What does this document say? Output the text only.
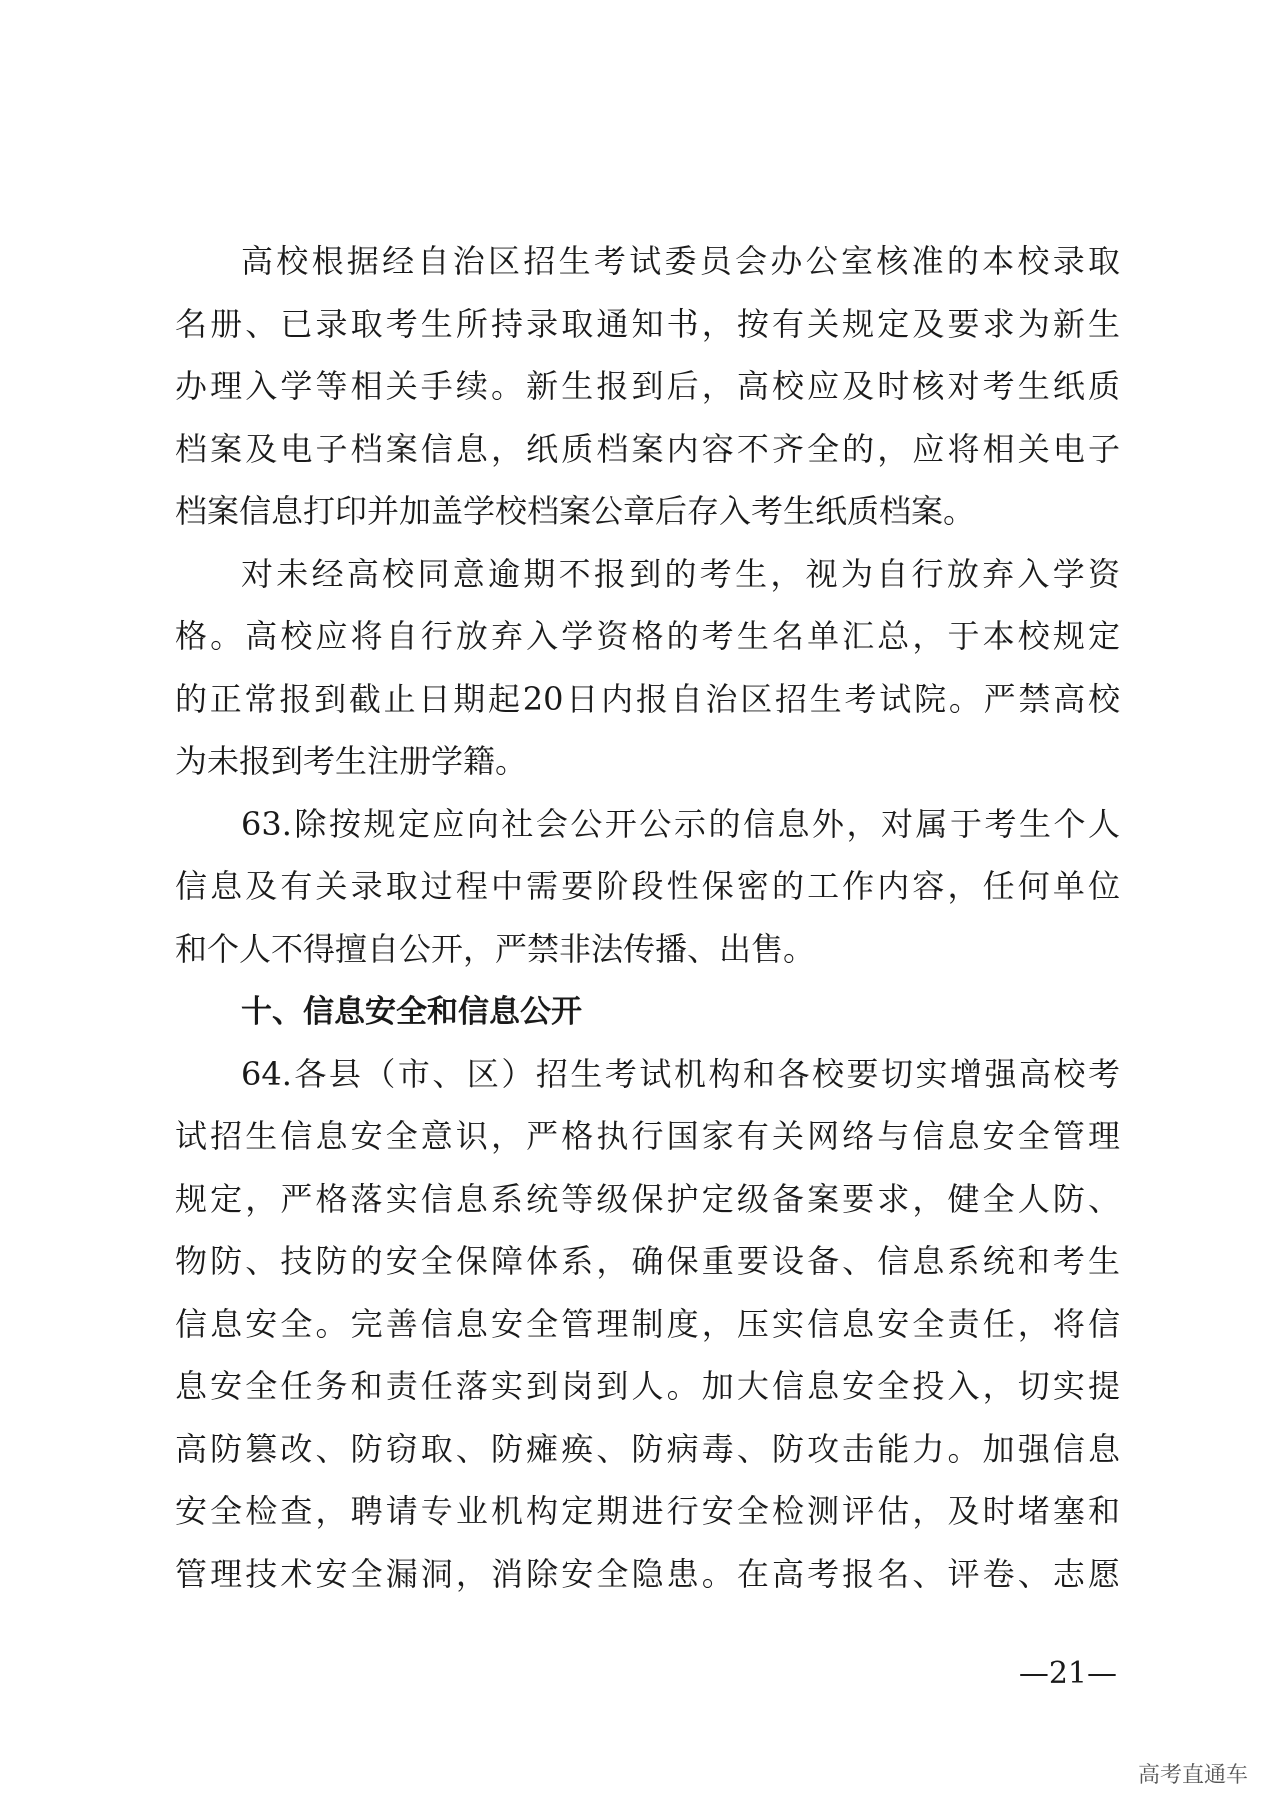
高校根据经自治区招生考试委员会办公室核准的本校录取
名册、已录取考生所持录取通知书，按有关规定及要求为新生
办理入学等相关手续。新生报到后，高校应及时核对考生纸质
档案及电子档案信息，纸质档案内容不齐全的，应将相关电子
档案信息打印并加盖学校档案公章后存入考生纸质档案。
对未经高校同意逾期不报到的考生，视为自行放弃入学资
格。高校应将自行放弃入学资格的考生名单汇总，于本校规定
的正常报到截止日期起20日内报自治区招生考试院。严禁高校
为未报到考生注册学籍。
63.除按规定应向社会公开公示的信息外，对属于考生个人
信息及有关录取过程中需要阶段性保密的工作内容，任何单位
和个人不得擅自公开，严禁非法传播、出售。
十、信息安全和信息公开
64.各县（市、区）招生考试机构和各校要切实增强高校考
试招生信息安全意识，严格执行国家有关网络与信息安全管理
规定，严格落实信息系统等级保护定级备案要求，健全人防、
物防、技防的安全保障体系，确保重要设备、信息系统和考生
信息安全。完善信息安全管理制度，压实信息安全责任，将信
息安全任务和责任落实到岗到人。加大信息安全投入，切实提
高防篡改、防窃取、防瘫痪、防病毒、防攻击能力。加强信息
安全检查，聘请专业机构定期进行安全检测评估，及时堵塞和
管理技术安全漏洞，消除安全隐患。在高考报名、评卷、志愿
—21—
高考直通车
